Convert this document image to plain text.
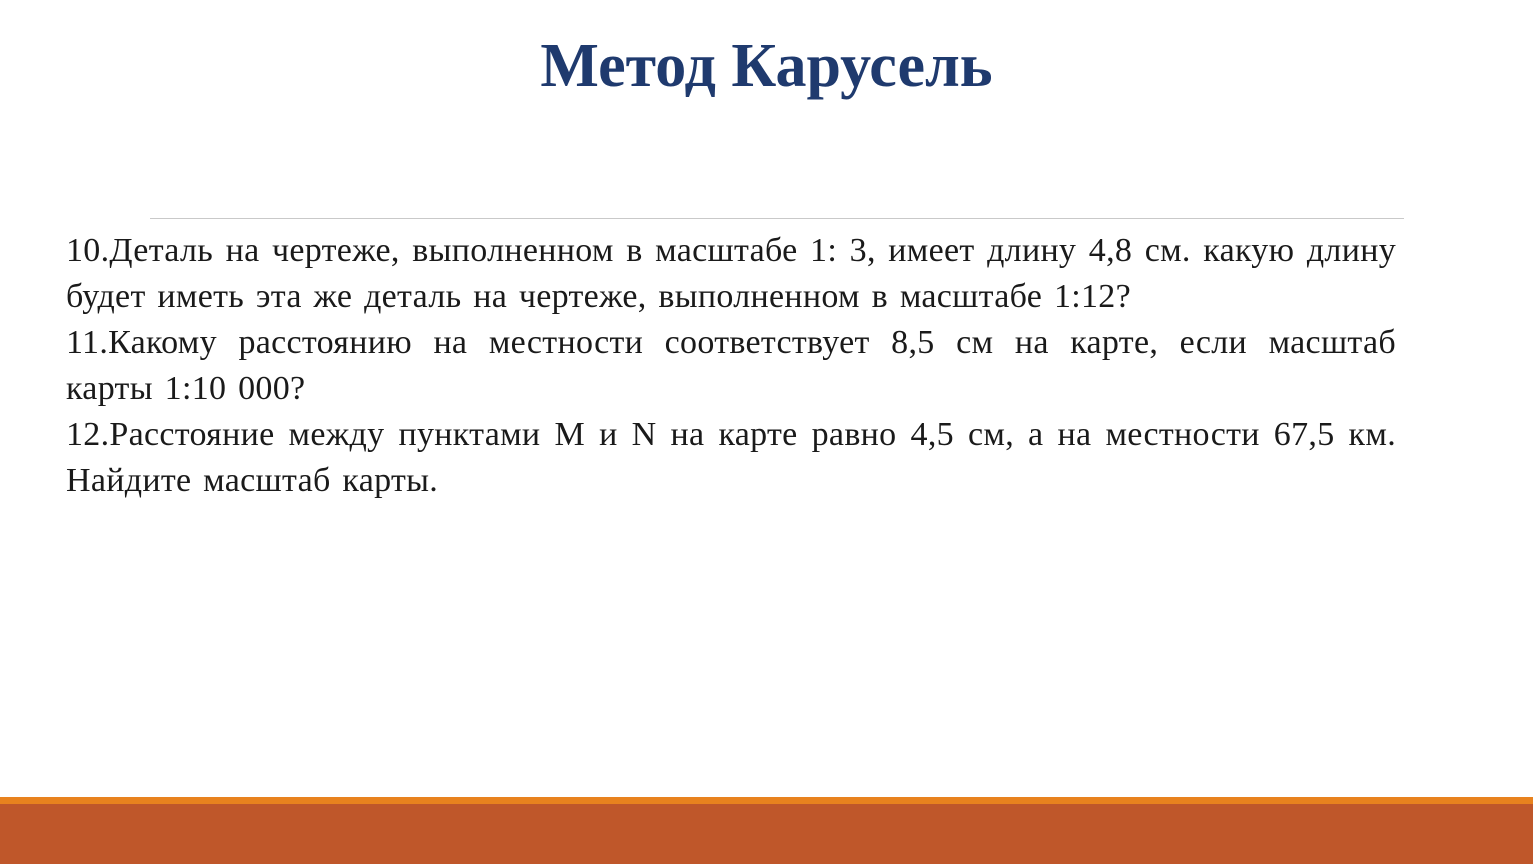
Метод Карусель

10.Деталь на чертеже, выполненном в масштабе 1: 3, имеет длину 4,8 см. какую длину будет иметь эта же деталь на чертеже, выполненном в масштабе 1:12?

11.Какому расстоянию на местности соответствует 8,5 см на карте, если масштаб карты 1:10 000?

12.Расстояние между пунктами M и N на карте равно 4,5 см, а на местности 67,5 км. Найдите масштаб карты.
